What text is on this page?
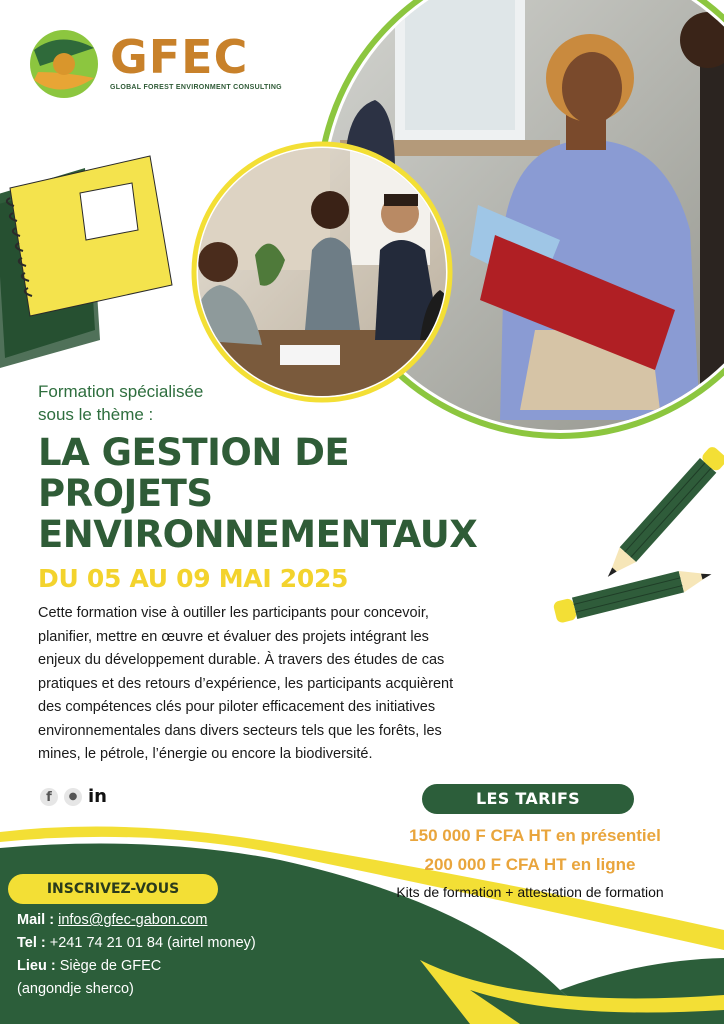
GFEC
GLOBAL FOREST ENVIRONMENT CONSULTING
Formation spécialisée
sous le thème :
LA GESTION DE
PROJETS
ENVIRONNEMENTAUX
DU 05 AU 09 MAI 2025
Cette formation vise à outiller les participants pour concevoir,
planifier, mettre en œuvre et évaluer des projets intégrant les
enjeux du développement durable. À travers des études de cas
pratiques et des retours d’expérience, les participants acquièrent
des compétences clés pour piloter efficacement des initiatives
environnementales dans divers secteurs tels que les forêts, les
mines, le pétrole, l’énergie ou encore la biodiversité.
f	● in	LES TARIFS
150 000 F CFA HT en présentiel
200 000 F CFA HT en ligne
Kits de formation + attestation de formation
INSCRIVEZ-VOUS
Mail : infos@gfec-gabon.com
Tel : +241 74 21 01 84 (airtel money)
Lieu : Siège de GFEC
(angondje sherco)
